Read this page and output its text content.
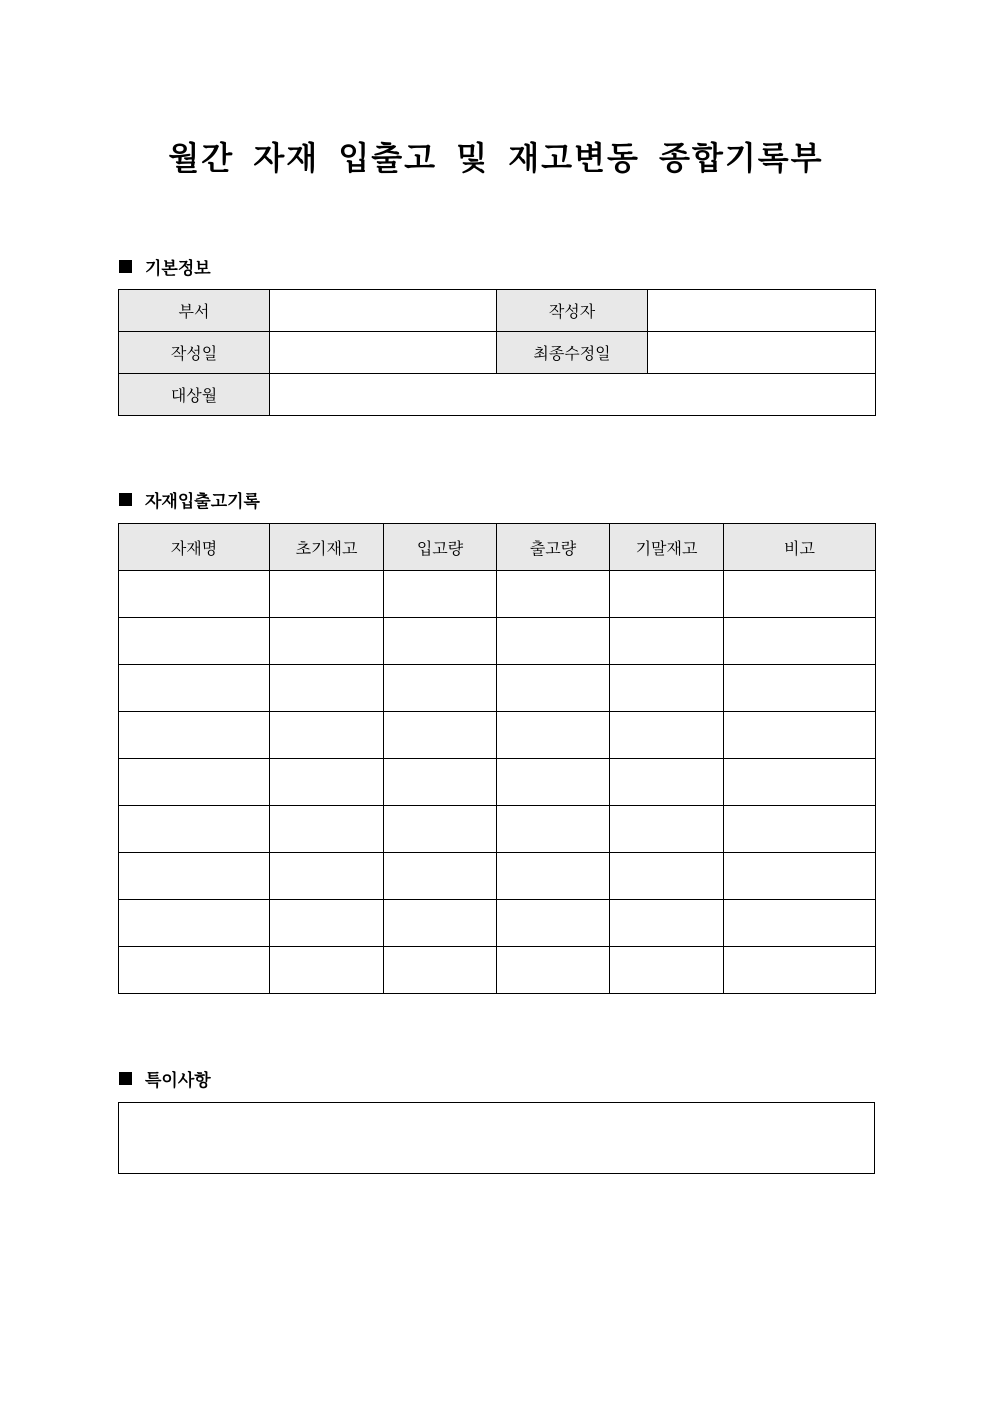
월간 자재 입출고 및 재고변동 종합기록부
기본정보
부서		작성자	
작성일		최종수정일	
대상월			
자재입출고기록
자재명	초기재고	입고량	출고량	기말재고	비고

특이사항
